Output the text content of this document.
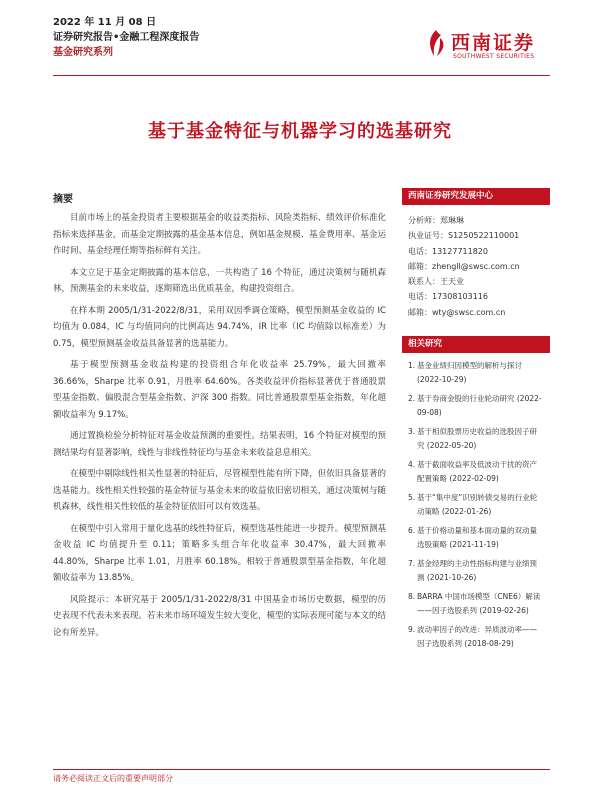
2022 年 11 月 08 日
证券研究报告•金融工程深度报告
基金研究系列	西南证券
SOUTHWEST SECURITIES
基于基金特征与机器学习的选基研究
摘要

目前市场上的基金投资者主要根据基金的收益类指标、风险类指标、绩效评价标准化指标来选择基金，而基金定期披露的基金基本信息，例如基金规模、基金费用率、基金运作时间、基金经理任期等指标鲜有关注。

本文立足于基金定期披露的基本信息，一共构造了 16 个特征，通过决策树与随机森林，预测基金的未来收益，逐期筛选出优质基金，构建投资组合。

在样本期 2005/1/31-2022/8/31，采用双因季调仓策略，模型预测基金收益的 IC 均值为 0.084，IC 与均值同向的比例高达 94.74%，IR 比率（IC 均值除以标准差）为 0.75，模型预测基金收益具备显著的选基能力。

基于模型预测基金收益构建的投资组合年化收益率 25.79%，最大回撤率 36.66%，Sharpe 比率 0.91，月胜率 64.60%。各类收益评价指标显著优于普通股票型基金指数、偏股混合型基金指数、沪深 300 指数。同比普通股票型基金指数，年化超额收益率为 9.17%。

通过置换检验分析特征对基金收益预测的重要性。结果表明，16 个特征对模型的预测结果均有显著影响，线性与非线性特征均与基金未来收益息息相关。

在模型中剔除线性相关性显著的特征后，尽管模型性能有所下降，但依旧具备显著的选基能力。线性相关性较强的基金特征与基金未来的收益依旧密切相关，通过决策树与随机森林，线性相关性较低的基金特征依旧可以有效选基。

在模型中引入常用于量化选基的线性特征后，模型选基性能进一步提升。模型预测基金收益 IC 均值提升至 0.11；策略多头组合年化收益率 30.47%，最大回撤率 44.80%，Sharpe 比率 1.01，月胜率 60.18%。相较于普通股票型基金指数，年化超额收益率为 13.85%。

风险提示：本研究基于 2005/1/31-2022/8/31 中国基金市场历史数据，模型的历史表现不代表未来表现。若未来市场环境发生较大变化，模型的实际表现可能与本文的结论有所差异。

西南证券研究发展中心
分析师：郑琳琳
执业证号：S1250522110001
电话：13127711820
邮箱：zhengll@swsc.com.cn
联系人：王天业
电话：17308103116
邮箱：wty@swsc.com.cn
相关研究
1. 基金业绩归因模型的解析与探讨 (2022-10-29)
2. 基于券商金股的行业轮动研究 (2022-09-08)
3. 基于相似股票历史收益的选股因子研究 (2022-05-20)
4. 基于截面收益率及低波动干扰的资产配置策略 (2022-02-09)
5. 基于“集中度”识别转债交易的行业轮动策略 (2022-01-26)
6. 基于价格动量和基本面动量的双动量选股策略 (2021-11-19)
7. 基金经理的主动性指标构建与业绩预测 (2021-10-26)
8. BARRA 中国市场模型（CNE6）解读——因子选股系列 (2019-02-26)
9. 波动率因子的改进：异质波动率——因子选股系列 (2018-08-29)
请务必阅读正文后的重要声明部分
